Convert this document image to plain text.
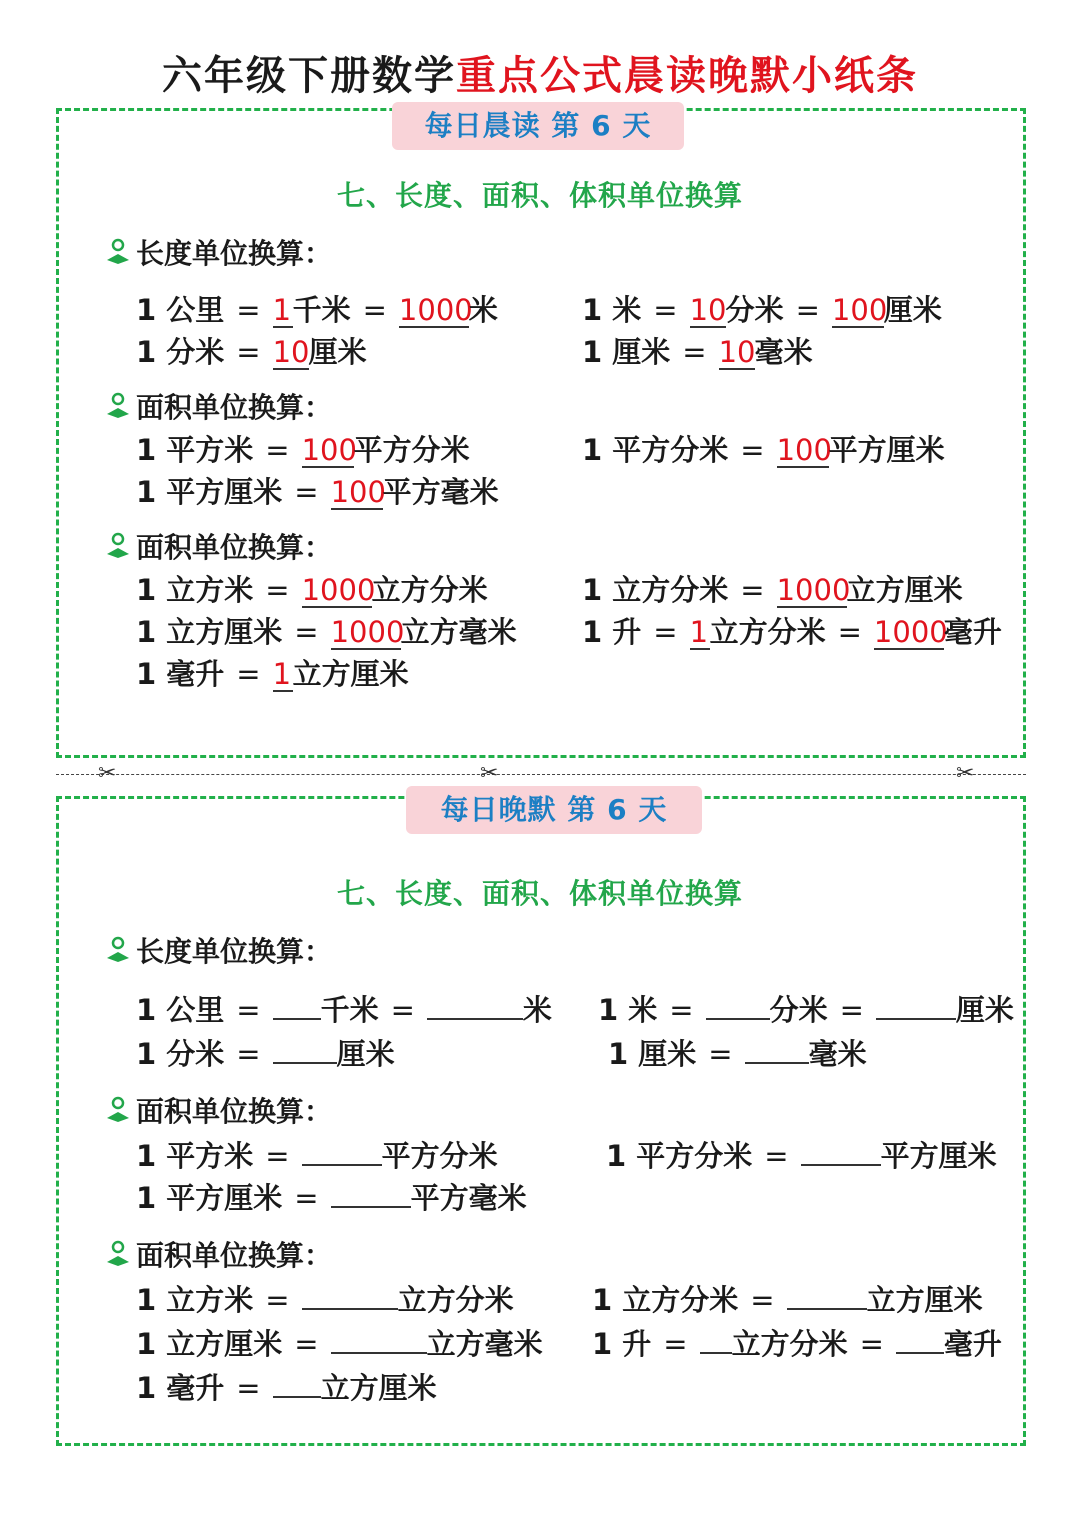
六年级下册数学重点公式晨读晚默小纸条
每日晨读 第 6 天
七、长度、面积、体积单位换算
长度单位换算：
1 公里 = 1千米 = 1000米	1 米 = 10分米 = 100厘米
1 分米 = 10厘米	1 厘米 = 10毫米
面积单位换算：
1 平方米 = 100平方分米	1 平方分米 = 100平方厘米
1 平方厘米 = 100平方毫米
面积单位换算：
1 立方米 = 1000立方分米	1 立方分米 = 1000立方厘米
1 立方厘米 = 1000立方毫米 1 升 = 1立方分米 = 1000毫升
1 毫升 = 1立方厘米
✂	✂	✂
每日晚默 第 6 天
七、长度、面积、体积单位换算
长度单位换算：
1 公里 = 千米 =	米 1 米 =	分米 =	厘米
1 分米 =	厘米	1 厘米 =	毫米
面积单位换算：
1 平方米 =	平方分米	1 平方分米 =	平方厘米
1 平方厘米 =	平方毫米
面积单位换算：
1 立方米 =	立方分米	1 立方分米 =	立方厘米
1 立方厘米 =	立方毫米 1 升 = 立方分米 = 毫升
1 毫升 = 立方厘米
